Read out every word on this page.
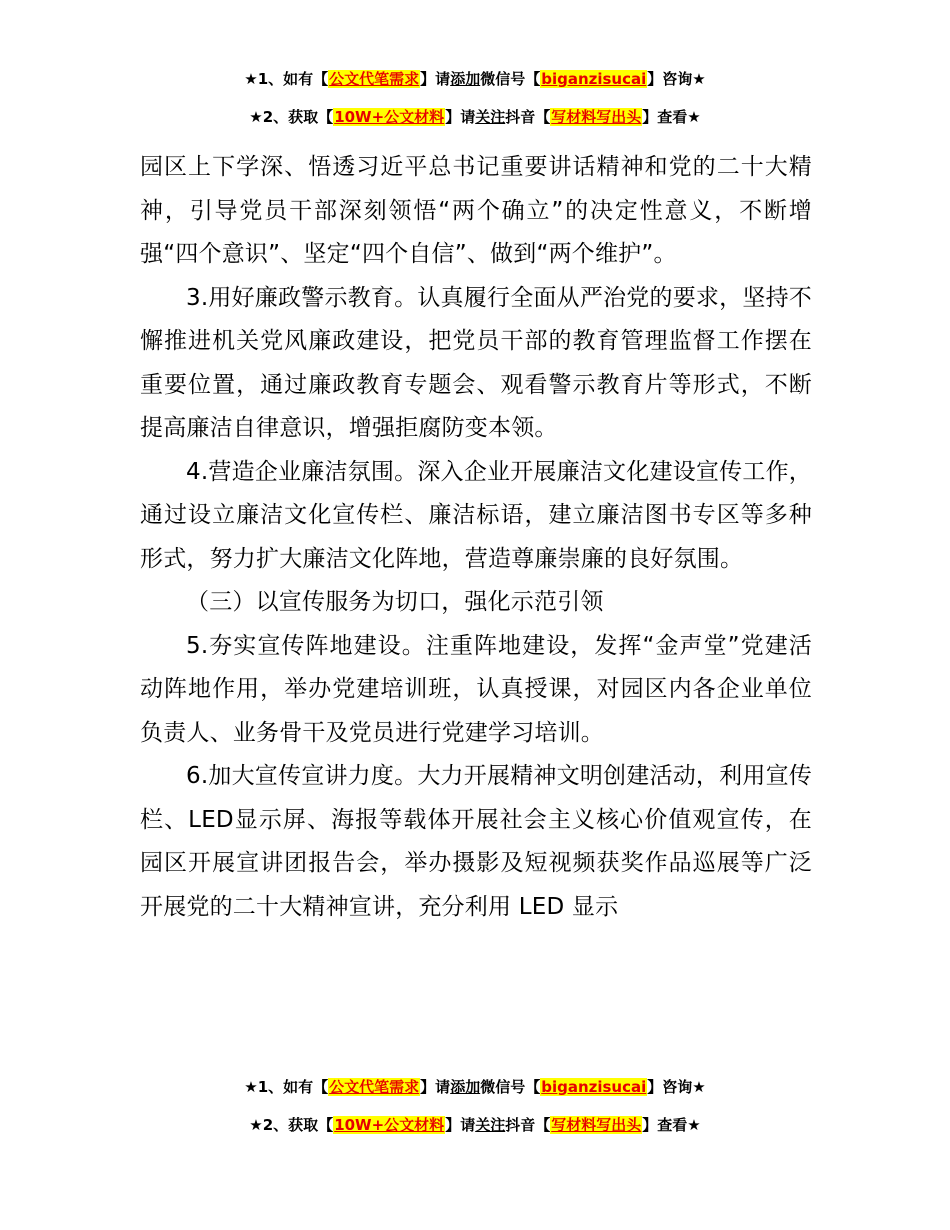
★1、如有【公文代笔需求】请添加微信号【biganzisucai】咨询★
★2、获取【10W+公文材料】请关注抖音【写材料写出头】查看★

园区上下学深、悟透习近平总书记重要讲话精神和党的二十大精神，引导党员干部深刻领悟“两个确立”的决定性意义，不断增强“四个意识”、坚定“四个自信”、做到“两个维护”。

3.用好廉政警示教育。认真履行全面从严治党的要求，坚持不懈推进机关党风廉政建设，把党员干部的教育管理监督工作摆在重要位置，通过廉政教育专题会、观看警示教育片等形式，不断提高廉洁自律意识，增强拒腐防变本领。

4.营造企业廉洁氛围。深入企业开展廉洁文化建设宣传工作，通过设立廉洁文化宣传栏、廉洁标语，建立廉洁图书专区等多种形式，努力扩大廉洁文化阵地，营造尊廉崇廉的良好氛围。

（三）以宣传服务为切口，强化示范引领

5.夯实宣传阵地建设。注重阵地建设，发挥“金声堂”党建活动阵地作用，举办党建培训班，认真授课，对园区内各企业单位负责人、业务骨干及党员进行党建学习培训。

6.加大宣传宣讲力度。大力开展精神文明创建活动，利用宣传栏、LED显示屏、海报等载体开展社会主义核心价值观宣传，在园区开展宣讲团报告会，举办摄影及短视频获奖作品巡展等广泛开展党的二十大精神宣讲，充分利用 LED 显示

★1、如有【公文代笔需求】请添加微信号【biganzisucai】咨询★
★2、获取【10W+公文材料】请关注抖音【写材料写出头】查看★
